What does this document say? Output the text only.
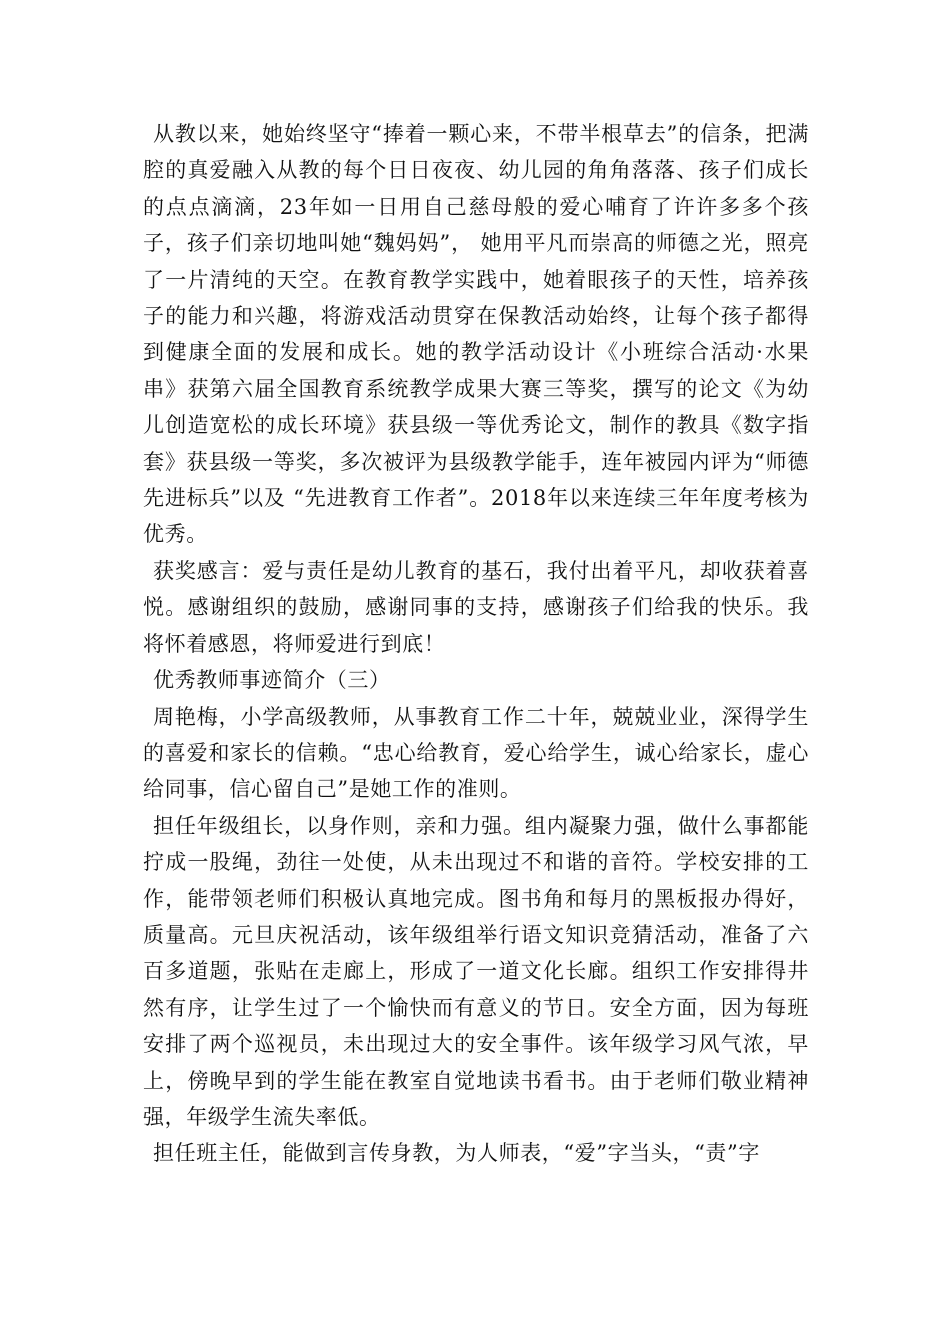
从教以来，她始终坚守“捧着一颗心来，不带半根草去”的信条，把满腔的真爱融入从教的每个日日夜夜、幼儿园的角角落落、孩子们成长的点点滴滴，23年如一日用自己慈母般的爱心哺育了许许多多个孩子，孩子们亲切地叫她“魏妈妈”， 她用平凡而崇高的师德之光，照亮了一片清纯的天空。在教育教学实践中，她着眼孩子的天性，培养孩子的能力和兴趣，将游戏活动贯穿在保教活动始终，让每个孩子都得到健康全面的发展和成长。她的教学活动设计《小班综合活动·水果串》获第六届全国教育系统教学成果大赛三等奖，撰写的论文《为幼儿创造宽松的成长环境》获县级一等优秀论文，制作的教具《数字指套》获县级一等奖，多次被评为县级教学能手，连年被园内评为“师德先进标兵”以及 “先进教育工作者”。2018年以来连续三年年度考核为优秀。

获奖感言：爱与责任是幼儿教育的基石，我付出着平凡，却收获着喜悦。感谢组织的鼓励，感谢同事的支持，感谢孩子们给我的快乐。我将怀着感恩，将师爱进行到底！

优秀教师事迹简介（三）

周艳梅，小学高级教师，从事教育工作二十年，兢兢业业，深得学生的喜爱和家长的信赖。“忠心给教育，爱心给学生，诚心给家长，虚心给同事，信心留自己”是她工作的准则。

担任年级组长，以身作则，亲和力强。组内凝聚力强，做什么事都能拧成一股绳，劲往一处使，从未出现过不和谐的音符。学校安排的工作，能带领老师们积极认真地完成。图书角和每月的黑板报办得好，质量高。元旦庆祝活动，该年级组举行语文知识竞猜活动，准备了六百多道题，张贴在走廊上，形成了一道文化长廊。组织工作安排得井然有序，让学生过了一个愉快而有意义的节日。安全方面，因为每班安排了两个巡视员，未出现过大的安全事件。该年级学习风气浓，早上，傍晚早到的学生能在教室自觉地读书看书。由于老师们敬业精神强，年级学生流失率低。

担任班主任，能做到言传身教，为人师表，“爱”字当头，“责”字
